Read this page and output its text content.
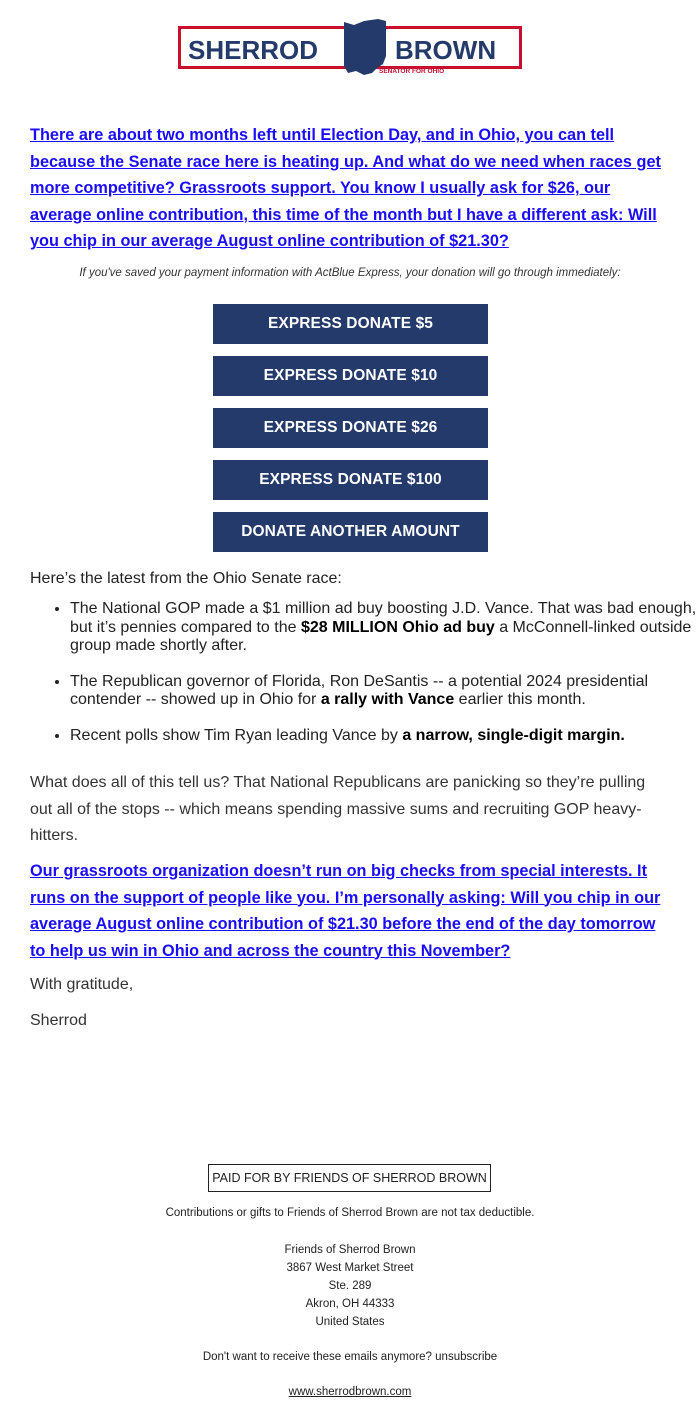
SHERROD	BROWN
SENATOR FOR OHIO

There are about two months left until Election Day, and in Ohio, you can tell because the Senate race here is heating up. And what do we need when races get more competitive? Grassroots support. You know I usually ask for $26, our average online contribution, this time of the month but I have a different ask: Will you chip in our average August online contribution of $21.30?

If you've saved your payment information with ActBlue Express, your donation will go through immediately:

EXPRESS DONATE $5
EXPRESS DONATE $10
EXPRESS DONATE $26
EXPRESS DONATE $100
DONATE ANOTHER AMOUNT

Here’s the latest from the Ohio Senate race:

• The National GOP made a $1 million ad buy boosting J.D. Vance. That was bad enough, but it’s pennies compared to the $28 MILLION Ohio ad buy a McConnell-linked outside group made shortly after.
• The Republican governor of Florida, Ron DeSantis -- a potential 2024 presidential contender -- showed up in Ohio for a rally with Vance earlier this month.
• Recent polls show Tim Ryan leading Vance by a narrow, single-digit margin.

What does all of this tell us? That National Republicans are panicking so they’re pulling out all of the stops -- which means spending massive sums and recruiting GOP heavy-hitters.

Our grassroots organization doesn’t run on big checks from special interests. It runs on the support of people like you. I’m personally asking: Will you chip in our average August online contribution of $21.30 before the end of the day tomorrow to help us win in Ohio and across the country this November?

With gratitude,

Sherrod

PAID FOR BY FRIENDS OF SHERROD BROWN

Contributions or gifts to Friends of Sherrod Brown are not tax deductible.

Friends of Sherrod Brown
3867 West Market Street
Ste. 289
Akron, OH 44333
United States

Don't want to receive these emails anymore? unsubscribe

www.sherrodbrown.com
